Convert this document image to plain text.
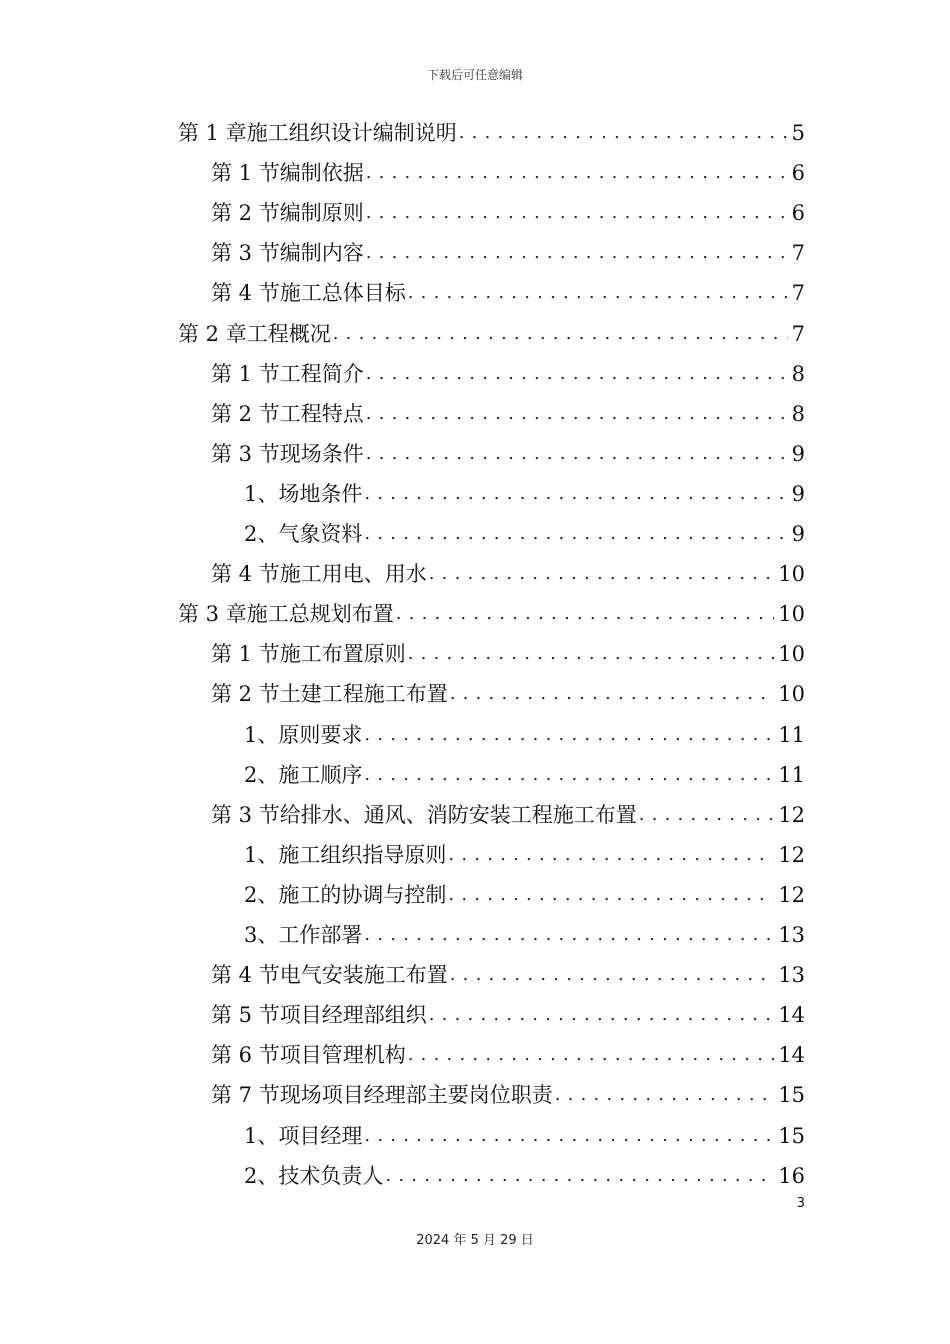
下载后可任意编辑
第 1 章 施工组织设计编制说明 . . .	5
第 1 节 编制依据 . . .	6
第 2 节 编制原则 . . .	6
第 3 节 编制内容 . . .	7
第 4 节 施工总体目标 . . .	7
第 2 章 工程概况 . . .	7
第 1 节 工程简介 . . .	8
第 2 节 工程特点 . . .	8
第 3 节 现场条件 . . .	9
1、 场地条件 . . .	9
2、 气象资料 . . .	9
第 4 节 施工用电、用水 . . .	10
第 3 章 施工总规划布置 . . .	10
第 1 节 施工布置原则 . . .	10
第 2 节 土建工程施工布置 . . .	10
1、 原则要求 . . .	11
2、 施工顺序 . . .	11
第 3 节 给排水、通风、消防安装工程施工布置 . . .	12
1、 施工组织指导原则 . . .	12
2、 施工的协调与控制 . . .	12
3、 工作部署 . . .	13
第 4 节 电气安装施工布置 . . .	13
第 5 节 项目经理部组织 . . .	14
第 6 节 项目管理机构 . . .	14
第 7 节 现场项目经理部主要岗位职责 . . .	15
1、 项目经理 . . .	15
2、 技术负责人 . . .	16
3
2024 年 5 月 29 日
